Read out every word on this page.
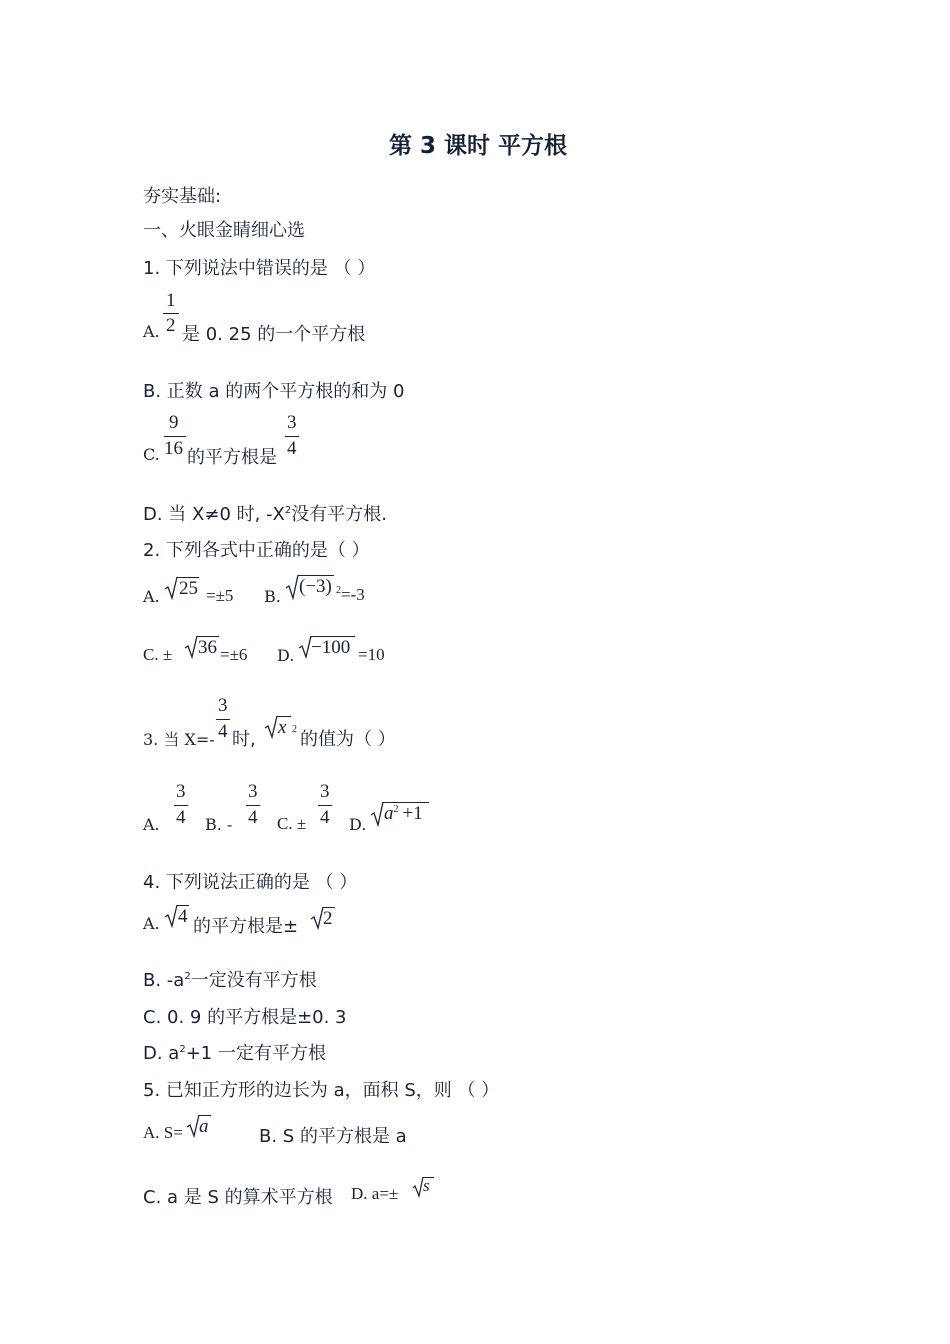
第 3 课时 平方根
夯实基础:
一、火眼金睛细心选
1. 下列说法中错误的是 （ ）
A.
1
2 是 0. 25 的一个平方根
B. 正数 a 的两个平方根的和为 0
C.
9
16 的平方根是
3
4
D. 当 X≠0 时, $-X^2$没有平方根.
2. 下列各式中正确的是（ ）
A. 25 =±5 B. (−3) $^2$=-3
C. ± 36 =±6 D. −100 =10
3. 当 X=-
3
4 时,
x $^2$ 的值为（ ）
A.
3
4 B. -
3
4 C. ±
3
4 D.
$a^2 +1$
4. 下列说法正确的是 （ ）
A. 4 的平方根是± 2
B. $-a^2$一定没有平方根
C. 0. 9 的平方根是±0. 3
D. $a^2+1$ 一定有平方根
5. 已知正方形的边长为 a，面积 S，则 （ ）
A. S= a	B. S 的平方根是 a
C. a 是 S 的算术平方根 D. a=± s
